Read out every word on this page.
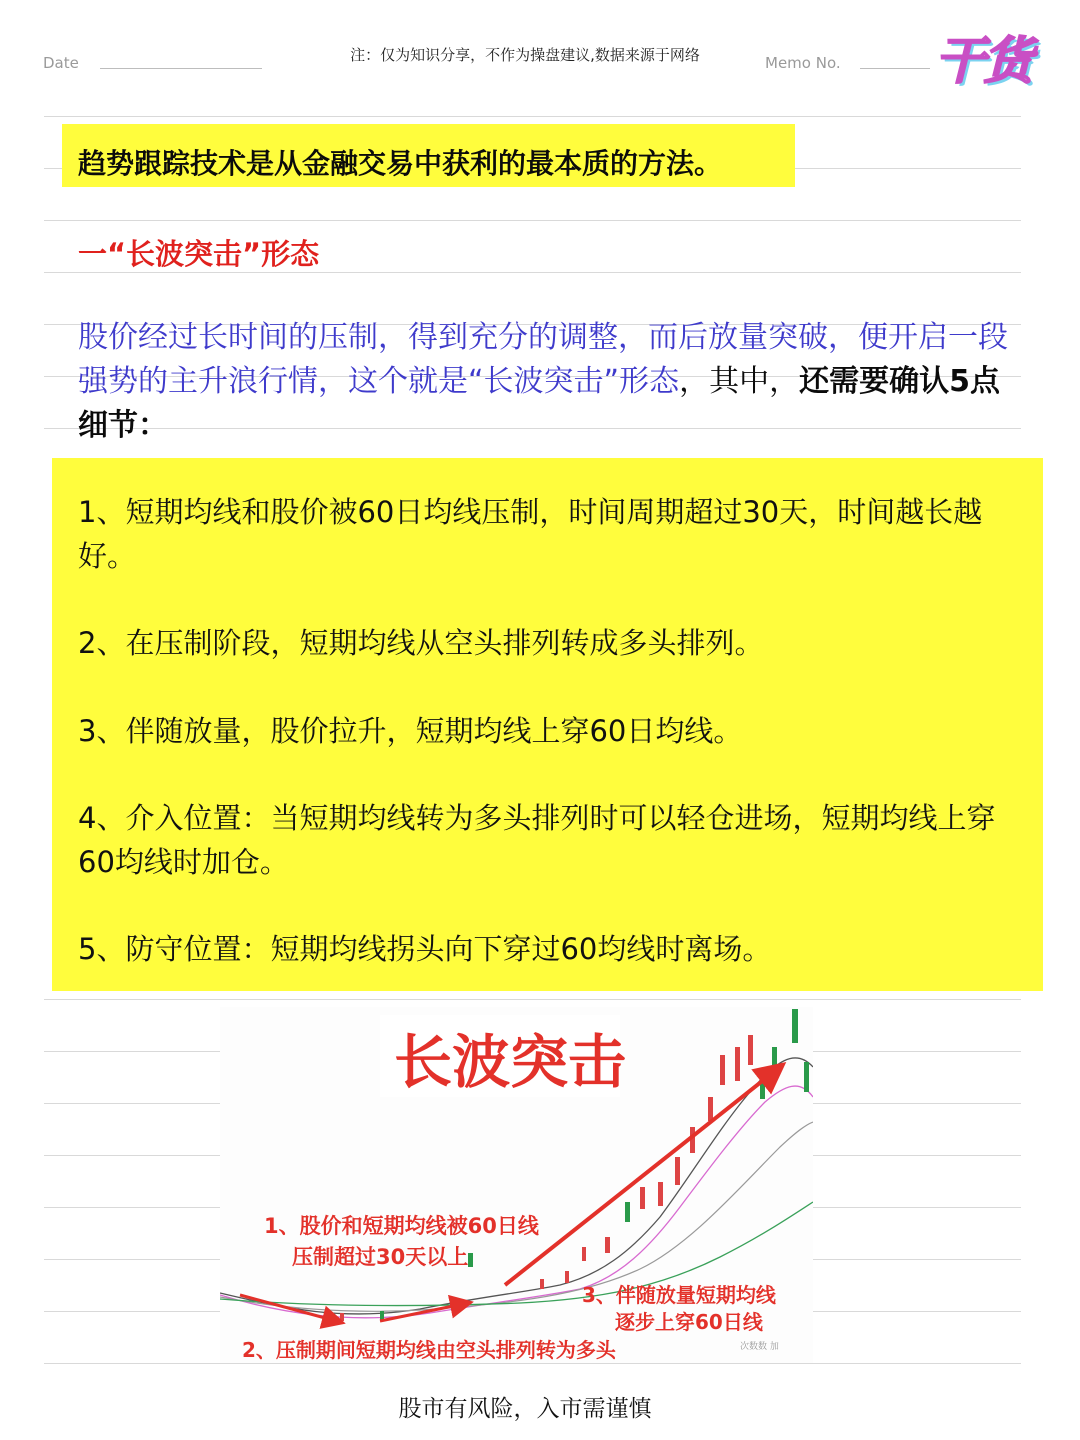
Date	注：仅为知识分享，不作为操盘建议,数据来源于网络	Memo No.	干货
趋势跟踪技术是从金融交易中获利的最本质的方法。
一“长波突击”形态
股价经过长时间的压制，得到充分的调整，而后放量突破，便开启一段强势的主升浪行情，这个就是“长波突击”形态，其中，还需要确认5点细节：
1、短期均线和股价被60日均线压制，时间周期超过30天，时间越长越好。
2、在压制阶段，短期均线从空头排列转成多头排列。
3、伴随放量，股价拉升，短期均线上穿60日均线。
4、介入位置：当短期均线转为多头排列时可以轻仓进场，短期均线上穿60均线时加仓。
5、防守位置：短期均线拐头向下穿过60均线时离场。
长波突击
1、股价和短期均线被60日线
压制超过30天以上
3、伴随放量短期均线
逐步上穿60日线
2、压制期间短期均线由空头排列转为多头	次数数 加
股市有风险，入市需谨慎
